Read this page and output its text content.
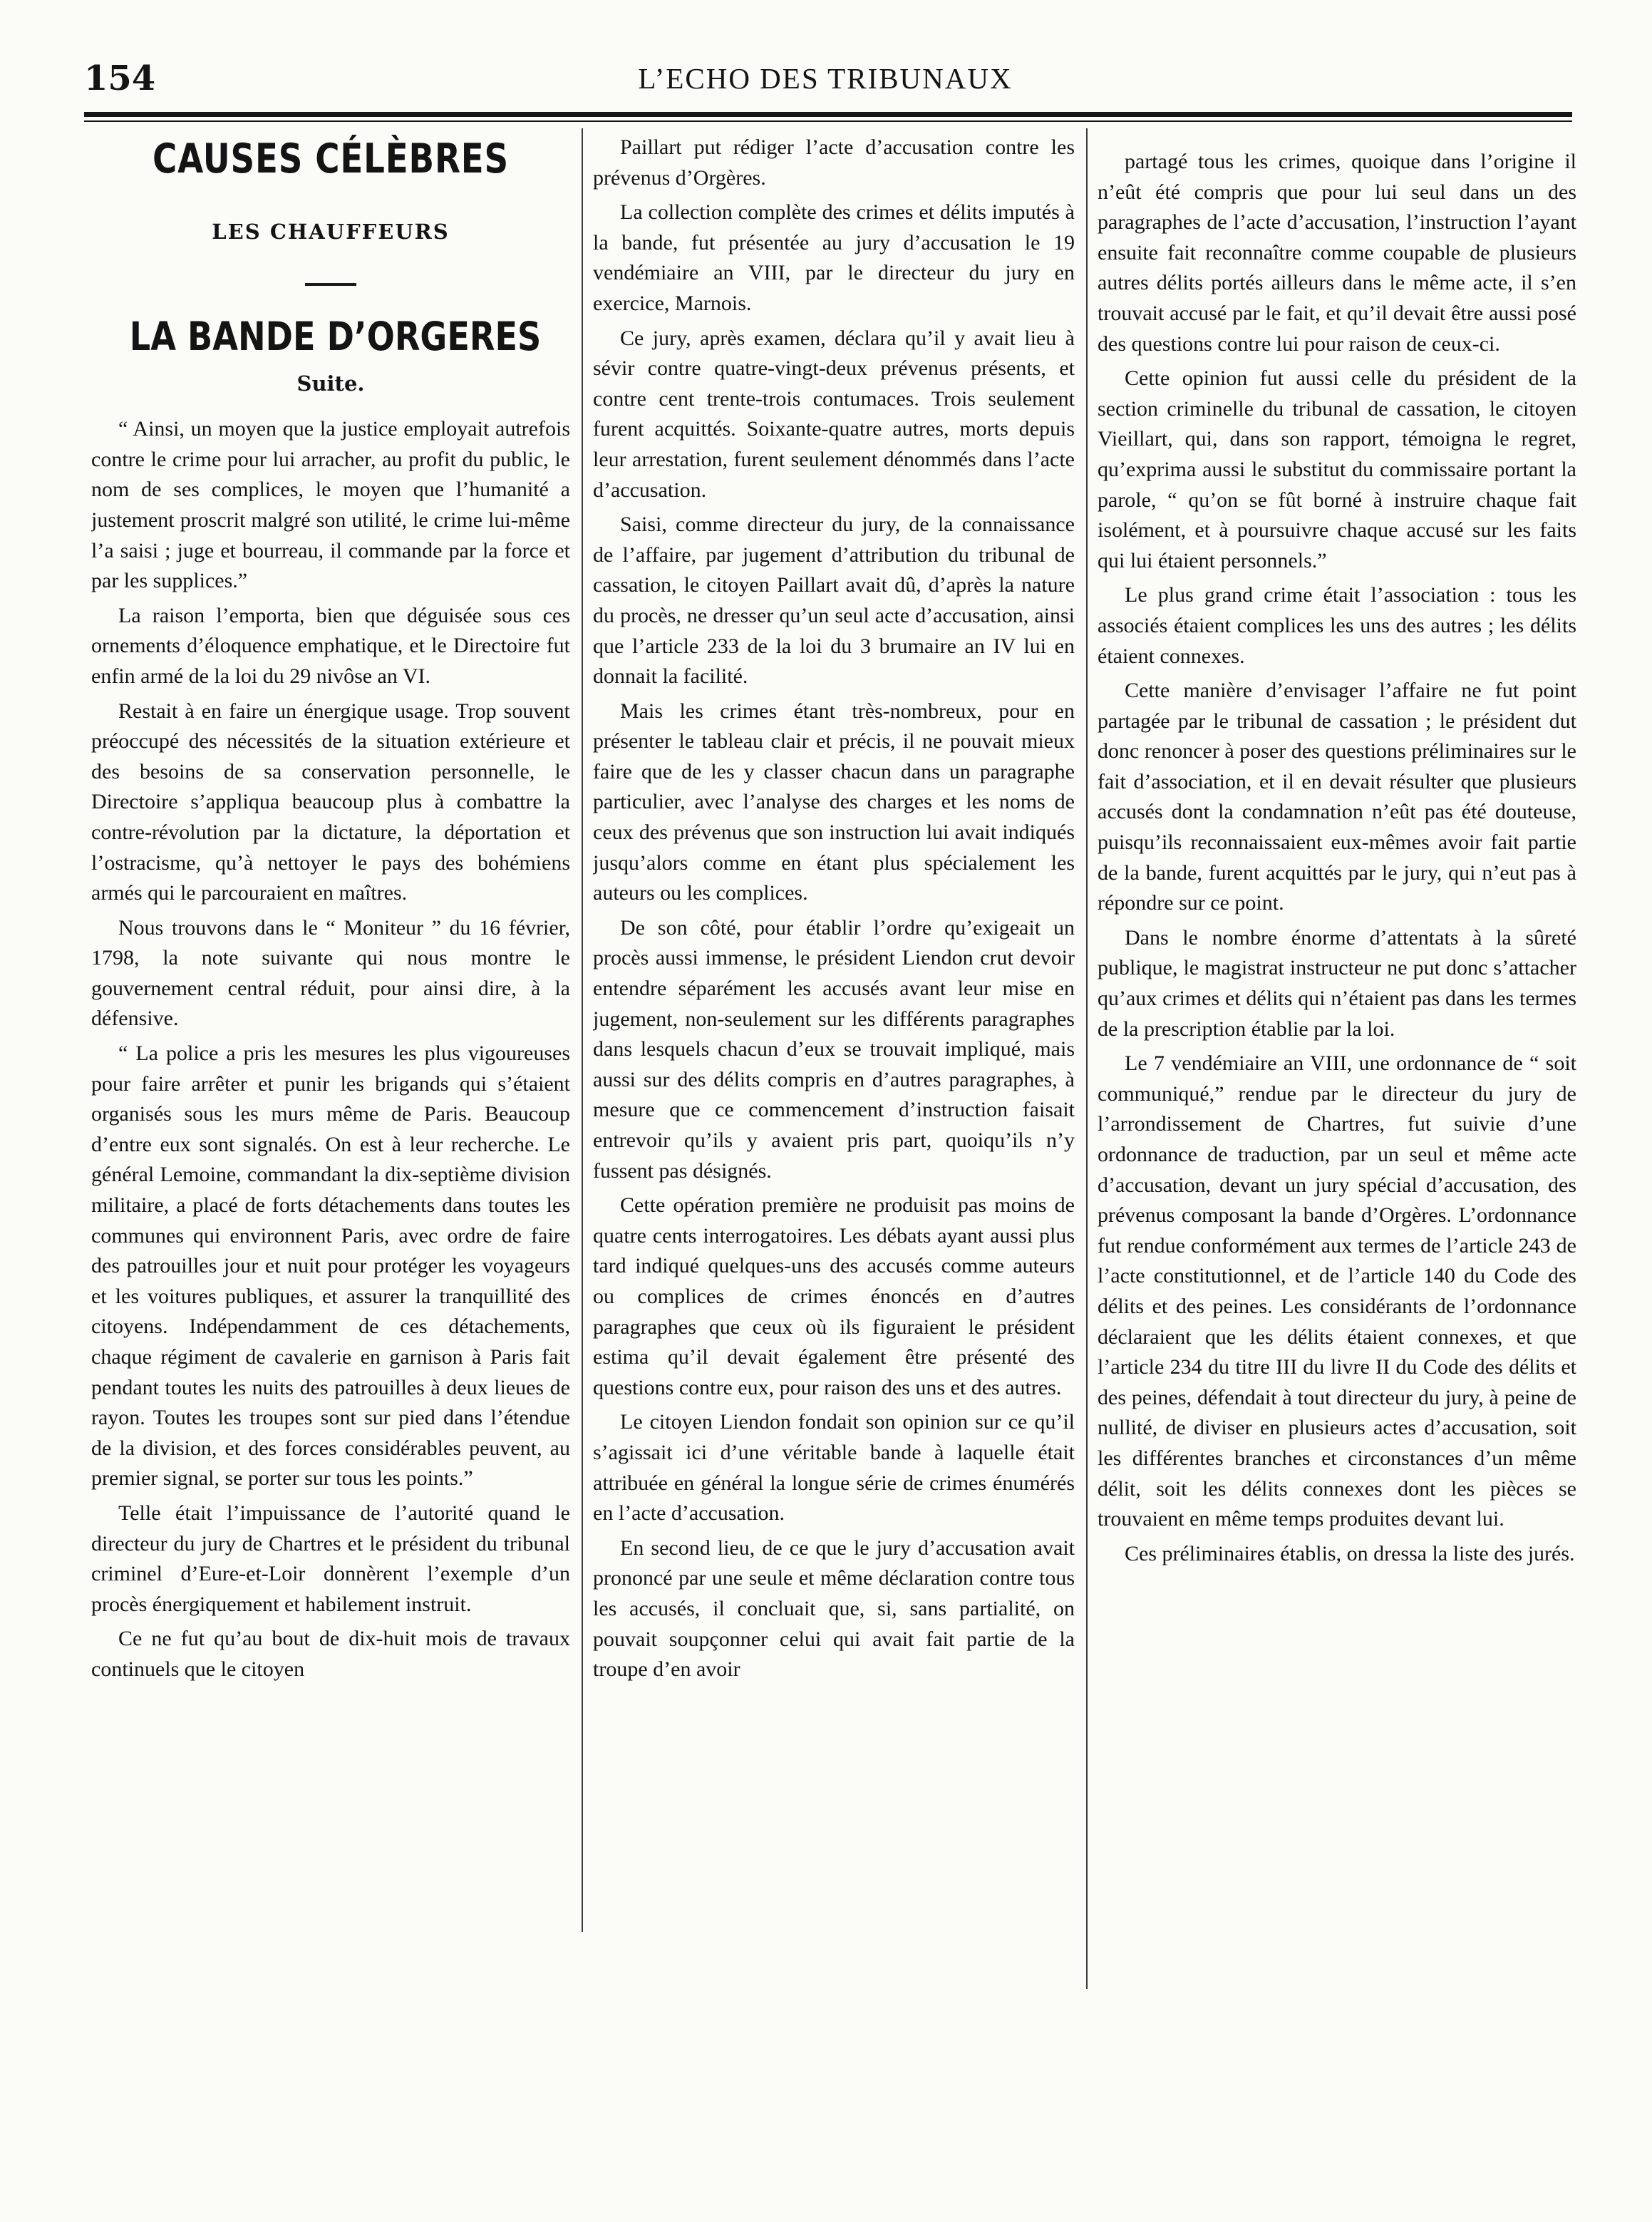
154	L’ECHO DES TRIBUNAUX
CAUSES CÉLÈBRES
LES CHAUFFEURS
LA BANDE D’ORGERES
Suite.

“ Ainsi, un moyen que la justice employait autrefois contre le crime pour lui arracher, au profit du public, le nom de ses complices, le moyen que l’humanité a justement proscrit malgré son utilité, le crime lui-même l’a saisi ; juge et bourreau, il commande par la force et par les supplices.”

La raison l’emporta, bien que déguisée sous ces ornements d’éloquence emphatique, et le Directoire fut enfin armé de la loi du 29 nivôse an VI.

Restait à en faire un énergique usage. Trop souvent préoccupé des nécessités de la situation extérieure et des besoins de sa conservation personnelle, le Directoire s’appliqua beaucoup plus à combattre la contre-révolution par la dictature, la déportation et l’ostracisme, qu’à nettoyer le pays des bohémiens armés qui le parcouraient en maîtres.

Nous trouvons dans le “ Moniteur ” du 16 février, 1798, la note suivante qui nous montre le gouvernement central réduit, pour ainsi dire, à la défensive.

“ La police a pris les mesures les plus vigoureuses pour faire arrêter et punir les brigands qui s’étaient organisés sous les murs même de Paris. Beaucoup d’entre eux sont signalés. On est à leur recherche. Le général Lemoine, commandant la dix-septième division militaire, a placé de forts détachements dans toutes les communes qui environnent Paris, avec ordre de faire des patrouilles jour et nuit pour protéger les voyageurs et les voitures publiques, et assurer la tranquillité des citoyens. Indépendamment de ces détachements, chaque régiment de cavalerie en garnison à Paris fait pendant toutes les nuits des patrouilles à deux lieues de rayon. Toutes les troupes sont sur pied dans l’étendue de la division, et des forces considérables peuvent, au premier signal, se porter sur tous les points.”

Telle était l’impuissance de l’autorité quand le directeur du jury de Chartres et le président du tribunal criminel d’Eure-et-Loir donnèrent l’exemple d’un procès énergiquement et habilement instruit.

Ce ne fut qu’au bout de dix-huit mois de travaux continuels que le citoyen

Paillart put rédiger l’acte d’accusation contre les prévenus d’Orgères.

La collection complète des crimes et délits imputés à la bande, fut présentée au jury d’accusation le 19 vendémiaire an VIII, par le directeur du jury en exercice, Marnois.

Ce jury, après examen, déclara qu’il y avait lieu à sévir contre quatre-vingt-deux prévenus présents, et contre cent trente-trois contumaces. Trois seulement furent acquittés. Soixante-quatre autres, morts depuis leur arrestation, furent seulement dénommés dans l’acte d’accusation.

Saisi, comme directeur du jury, de la connaissance de l’affaire, par jugement d’attribution du tribunal de cassation, le citoyen Paillart avait dû, d’après la nature du procès, ne dresser qu’un seul acte d’accusation, ainsi que l’article 233 de la loi du 3 brumaire an IV lui en donnait la facilité.

Mais les crimes étant très-nombreux, pour en présenter le tableau clair et précis, il ne pouvait mieux faire que de les y classer chacun dans un paragraphe particulier, avec l’analyse des charges et les noms de ceux des prévenus que son instruction lui avait indiqués jusqu’alors comme en étant plus spécialement les auteurs ou les complices.

De son côté, pour établir l’ordre qu’exigeait un procès aussi immense, le président Liendon crut devoir entendre séparément les accusés avant leur mise en jugement, non-seulement sur les différents paragraphes dans lesquels chacun d’eux se trouvait impliqué, mais aussi sur des délits compris en d’autres paragraphes, à mesure que ce commencement d’instruction faisait entrevoir qu’ils y avaient pris part, quoiqu’ils n’y fussent pas désignés.

Cette opération première ne produisit pas moins de quatre cents interrogatoires. Les débats ayant aussi plus tard indiqué quelques-uns des accusés comme auteurs ou complices de crimes énoncés en d’autres paragraphes que ceux où ils figuraient le président estima qu’il devait également être présenté des questions contre eux, pour raison des uns et des autres.

Le citoyen Liendon fondait son opinion sur ce qu’il s’agissait ici d’une véritable bande à laquelle était attribuée en général la longue série de crimes énumérés en l’acte d’accusation.

En second lieu, de ce que le jury d’accusation avait prononcé par une seule et même déclaration contre tous les accusés, il concluait que, si, sans partialité, on pouvait soupçonner celui qui avait fait partie de la troupe d’en avoir

partagé tous les crimes, quoique dans l’origine il n’eût été compris que pour lui seul dans un des paragraphes de l’acte d’accusation, l’instruction l’ayant ensuite fait reconnaître comme coupable de plusieurs autres délits portés ailleurs dans le même acte, il s’en trouvait accusé par le fait, et qu’il devait être aussi posé des questions contre lui pour raison de ceux-ci.

Cette opinion fut aussi celle du président de la section criminelle du tribunal de cassation, le citoyen Vieillart, qui, dans son rapport, témoigna le regret, qu’exprima aussi le substitut du commissaire portant la parole, “ qu’on se fût borné à instruire chaque fait isolément, et à poursuivre chaque accusé sur les faits qui lui étaient personnels.”

Le plus grand crime était l’association : tous les associés étaient complices les uns des autres ; les délits étaient connexes.

Cette manière d’envisager l’affaire ne fut point partagée par le tribunal de cassation ; le président dut donc renoncer à poser des questions préliminaires sur le fait d’association, et il en devait résulter que plusieurs accusés dont la condamnation n’eût pas été douteuse, puisqu’ils reconnaissaient eux-mêmes avoir fait partie de la bande, furent acquittés par le jury, qui n’eut pas à répondre sur ce point.

Dans le nombre énorme d’attentats à la sûreté publique, le magistrat instructeur ne put donc s’attacher qu’aux crimes et délits qui n’étaient pas dans les termes de la prescription établie par la loi.

Le 7 vendémiaire an VIII, une ordonnance de “ soit communiqué,” rendue par le directeur du jury de l’arrondissement de Chartres, fut suivie d’une ordonnance de traduction, par un seul et même acte d’accusation, devant un jury spécial d’accusation, des prévenus composant la bande d’Orgères. L’ordonnance fut rendue conformément aux termes de l’article 243 de l’acte constitutionnel, et de l’article 140 du Code des délits et des peines. Les considérants de l’ordonnance déclaraient que les délits étaient connexes, et que l’article 234 du titre III du livre II du Code des délits et des peines, défendait à tout directeur du jury, à peine de nullité, de diviser en plusieurs actes d’accusation, soit les différentes branches et circonstances d’un même délit, soit les délits connexes dont les pièces se trouvaient en même temps produites devant lui.

Ces préliminaires établis, on dressa la liste des jurés.
